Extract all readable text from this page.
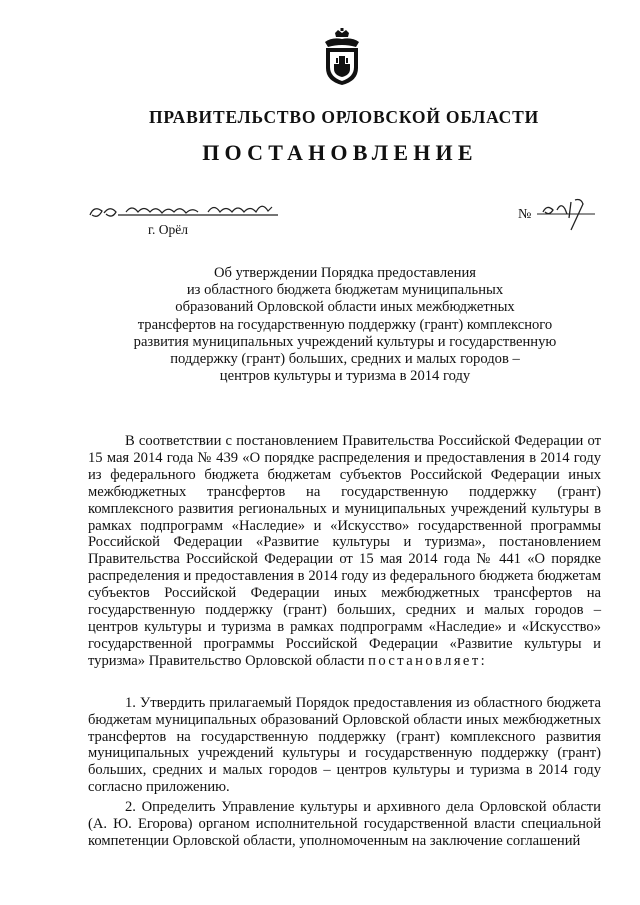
ПРАВИТЕЛЬСТВО ОРЛОВСКОЙ ОБЛАСТИ
ПОСТАНОВЛЕНИЕ
№
г. Орёл
Об утверждении Порядка предоставления
из областного бюджета бюджетам муниципальных
образований Орловской области иных межбюджетных
трансфертов на государственную поддержку (грант) комплексного
развития муниципальных учреждений культуры и государственную
поддержку (грант) больших, средних и малых городов –
центров культуры и туризма в 2014 году

В соответствии с постановлением Правительства Российской Федерации от 15 мая 2014 года № 439 «О порядке распределения и предоставления в 2014 году из федерального бюджета бюджетам субъектов Российской Федерации иных межбюджетных трансфертов на государственную поддержку (грант) комплексного развития региональных и муниципальных учреждений культуры в рамках подпрограмм «Наследие» и «Искусство» государственной программы Российской Федерации «Развитие культуры и туризма», постановлением Правительства Российской Федерации от 15 мая 2014 года № 441 «О порядке распределения и предоставления в 2014 году из федерального бюджета бюджетам субъектов Российской Федерации иных межбюджетных трансфертов на государственную поддержку (грант) больших, средних и малых городов – центров культуры и туризма в рамках подпрограмм «Наследие» и «Искусство» государственной программы Российской Федерации «Развитие культуры и туризма» Правительство Орловской области постановляет:

1. Утвердить прилагаемый Порядок предоставления из областного бюджета бюджетам муниципальных образований Орловской области иных межбюджетных трансфертов на государственную поддержку (грант) комплексного развития муниципальных учреждений культуры и государственную поддержку (грант) больших, средних и малых городов – центров культуры и туризма в 2014 году согласно приложению.

2. Определить Управление культуры и архивного дела Орловской области (А. Ю. Егорова) органом исполнительной государственной власти специальной компетенции Орловской области, уполномоченным на заключение соглашений
